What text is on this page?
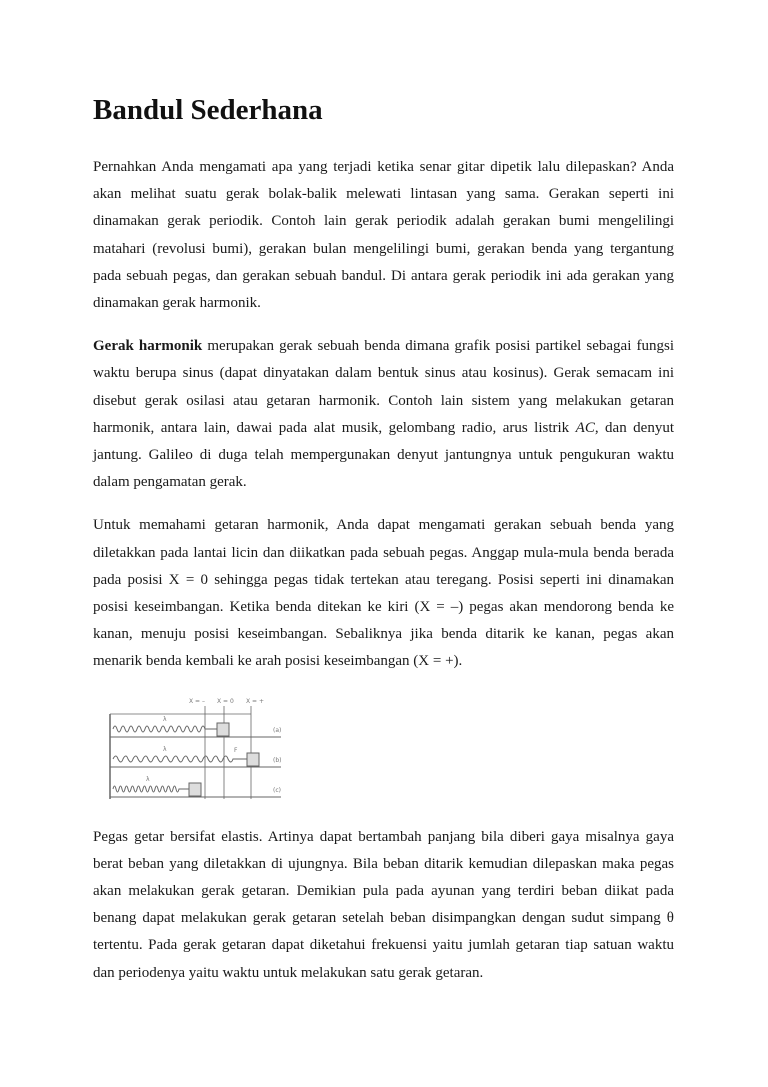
Bandul Sederhana

Pernahkan Anda mengamati apa yang terjadi ketika senar gitar dipetik lalu dilepaskan? Anda akan melihat suatu gerak bolak-balik melewati lintasan yang sama. Gerakan seperti ini dinamakan gerak periodik. Contoh lain gerak periodik adalah gerakan bumi mengelilingi matahari (revolusi bumi), gerakan bulan mengelilingi bumi, gerakan benda yang tergantung pada sebuah pegas, dan gerakan sebuah bandul. Di antara gerak periodik ini ada gerakan yang dinamakan gerak harmonik.

Gerak harmonik merupakan gerak sebuah benda dimana grafik posisi partikel sebagai fungsi waktu berupa sinus (dapat dinyatakan dalam bentuk sinus atau kosinus). Gerak semacam ini disebut gerak osilasi atau getaran harmonik. Contoh lain sistem yang melakukan getaran harmonik, antara lain, dawai pada alat musik, gelombang radio, arus listrik AC, dan denyut jantung. Galileo di duga telah mempergunakan denyut jantungnya untuk pengukuran waktu dalam pengamatan gerak.

Untuk memahami getaran harmonik, Anda dapat mengamati gerakan sebuah benda yang diletakkan pada lantai licin dan diikatkan pada sebuah pegas. Anggap mula-mula benda berada pada posisi X = 0 sehingga pegas tidak tertekan atau teregang. Posisi seperti ini dinamakan posisi keseimbangan. Ketika benda ditekan ke kiri (X = –) pegas akan mendorong benda ke kanan, menuju posisi keseimbangan. Sebaliknya jika benda ditarik ke kanan, pegas akan menarik benda kembali ke arah posisi keseimbangan (X = +).

X = – X = 0 X = +
λ
λ
λ
F
(a)
(b)
(c)

Pegas getar bersifat elastis. Artinya dapat bertambah panjang bila diberi gaya misalnya gaya berat beban yang diletakkan di ujungnya. Bila beban ditarik kemudian dilepaskan maka pegas akan melakukan gerak getaran. Demikian pula pada ayunan yang terdiri beban diikat pada benang dapat melakukan gerak getaran setelah beban disimpangkan dengan sudut simpang θ tertentu. Pada gerak getaran dapat diketahui frekuensi yaitu jumlah getaran tiap satuan waktu dan periodenya yaitu waktu untuk melakukan satu gerak getaran.
